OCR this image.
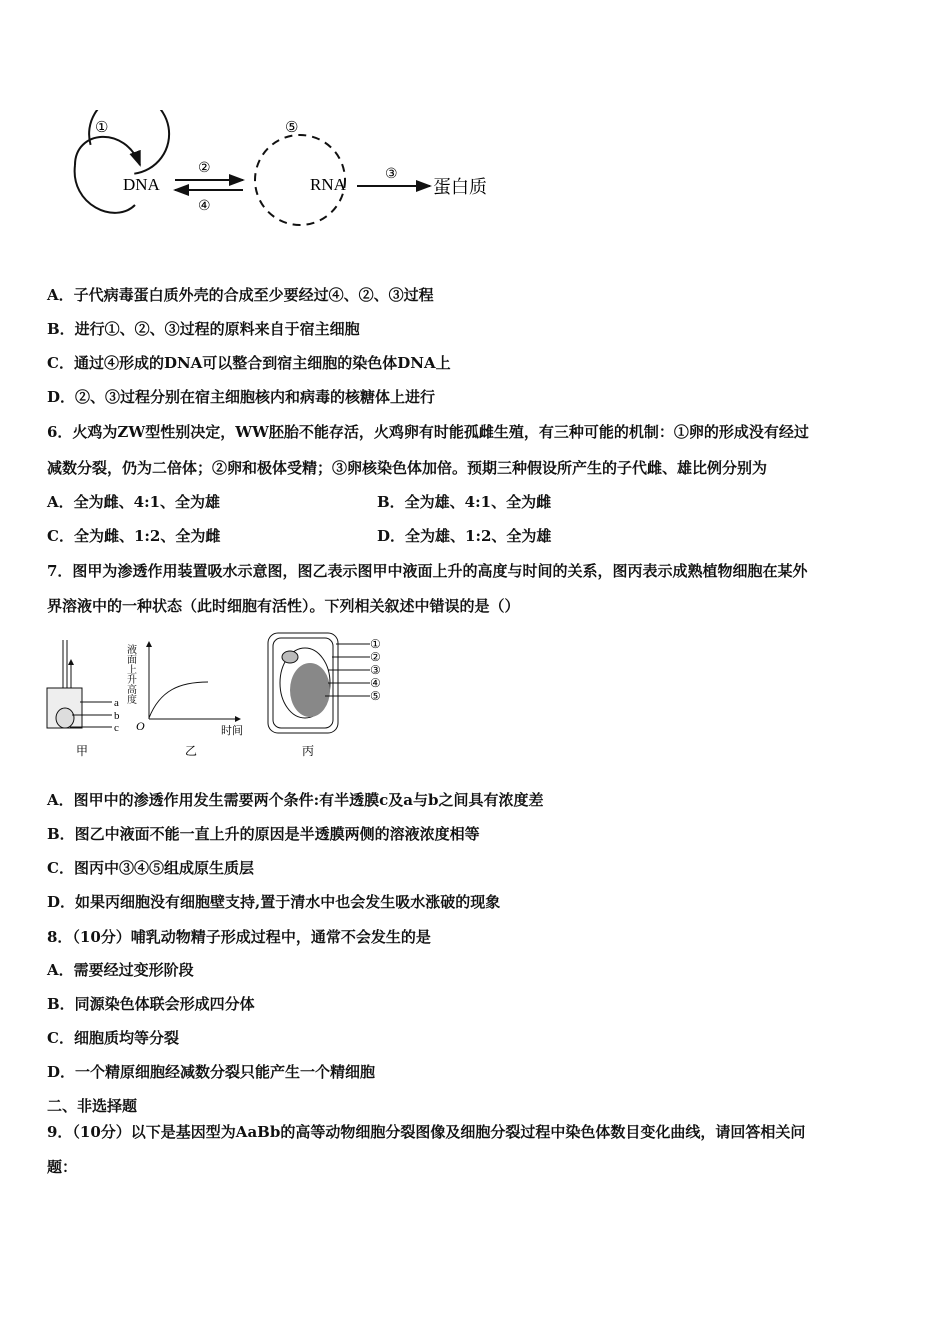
①
DNA
②
④
⑤
RNA
③
蛋白质
A．子代病毒蛋白质外壳的合成至少要经过④、②、③过程
B．进行①、②、③过程的原料来自于宿主细胞
C．通过④形成的DNA可以整合到宿主细胞的染色体DNA上
D．②、③过程分别在宿主细胞核内和病毒的核糖体上进行
6．火鸡为ZW型性别决定，WW胚胎不能存活，火鸡卵有时能孤雌生殖，有三种可能的机制：①卵的形成没有经过
减数分裂，仍为二倍体；②卵和极体受精；③卵核染色体加倍。预期三种假设所产生的子代雌、雄比例分别为
A．全为雌、4:1、全为雄	B．全为雄、4:1、全为雌
C．全为雌、1:2、全为雌	D．全为雄、1:2、全为雄
7．图甲为渗透作用装置吸水示意图，图乙表示图甲中液面上升的高度与时间的关系，图丙表示成熟植物细胞在某外
界溶液中的一种状态（此时细胞有活性）。下列相关叙述中错误的是（）
a
b
c
甲
O	时间
液面上升高度
乙
①
②
③
④
⑤
丙
A．图甲中的渗透作用发生需要两个条件:有半透膜c及a与b之间具有浓度差
B．图乙中液面不能一直上升的原因是半透膜两侧的溶液浓度相等
C．图丙中③④⑤组成原生质层
D．如果丙细胞没有细胞壁支持,置于清水中也会发生吸水涨破的现象
8．（10分）哺乳动物精子形成过程中，通常不会发生的是
A．需要经过变形阶段
B．同源染色体联会形成四分体
C．细胞质均等分裂
D．一个精原细胞经减数分裂只能产生一个精细胞
二、非选择题
9．（10分）以下是基因型为AaBb的高等动物细胞分裂图像及细胞分裂过程中染色体数目变化曲线，请回答相关问
题：
